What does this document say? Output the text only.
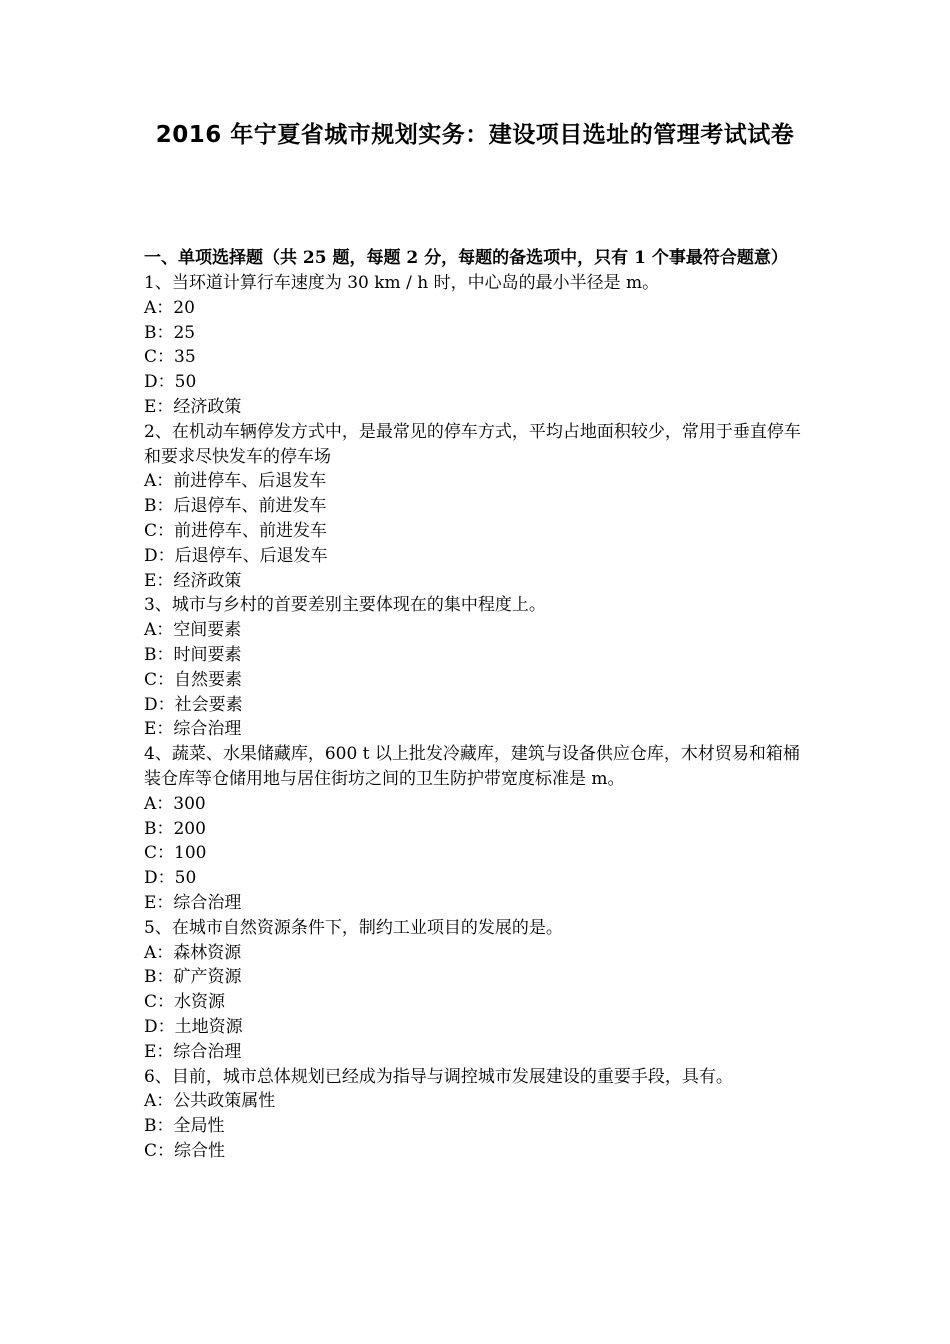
2016 年宁夏省城市规划实务：建设项目选址的管理考试试卷
一、单项选择题（共 25 题，每题 2 分，每题的备选项中，只有 1 个事最符合题意）
1、当环道计算行车速度为 30 km / h 时，中心岛的最小半径是 m。
A：20
B：25
C：35
D：50
E：经济政策
2、在机动车辆停发方式中，是最常见的停车方式，平均占地面积较少，常用于垂直停车和要求尽快发车的停车场
A：前进停车、后退发车
B：后退停车、前进发车
C：前进停车、前进发车
D：后退停车、后退发车
E：经济政策
3、城市与乡村的首要差别主要体现在的集中程度上。
A：空间要素
B：时间要素
C：自然要素
D：社会要素
E：综合治理
4、蔬菜、水果储藏库，600 t 以上批发冷藏库，建筑与设备供应仓库，木材贸易和箱桶装仓库等仓储用地与居住街坊之间的卫生防护带宽度标准是 m。
A：300
B：200
C：100
D：50
E：综合治理
5、在城市自然资源条件下，制约工业项目的发展的是。
A：森林资源
B：矿产资源
C：水资源
D：土地资源
E：综合治理
6、目前，城市总体规划已经成为指导与调控城市发展建设的重要手段，具有。
A：公共政策属性
B：全局性
C：综合性
